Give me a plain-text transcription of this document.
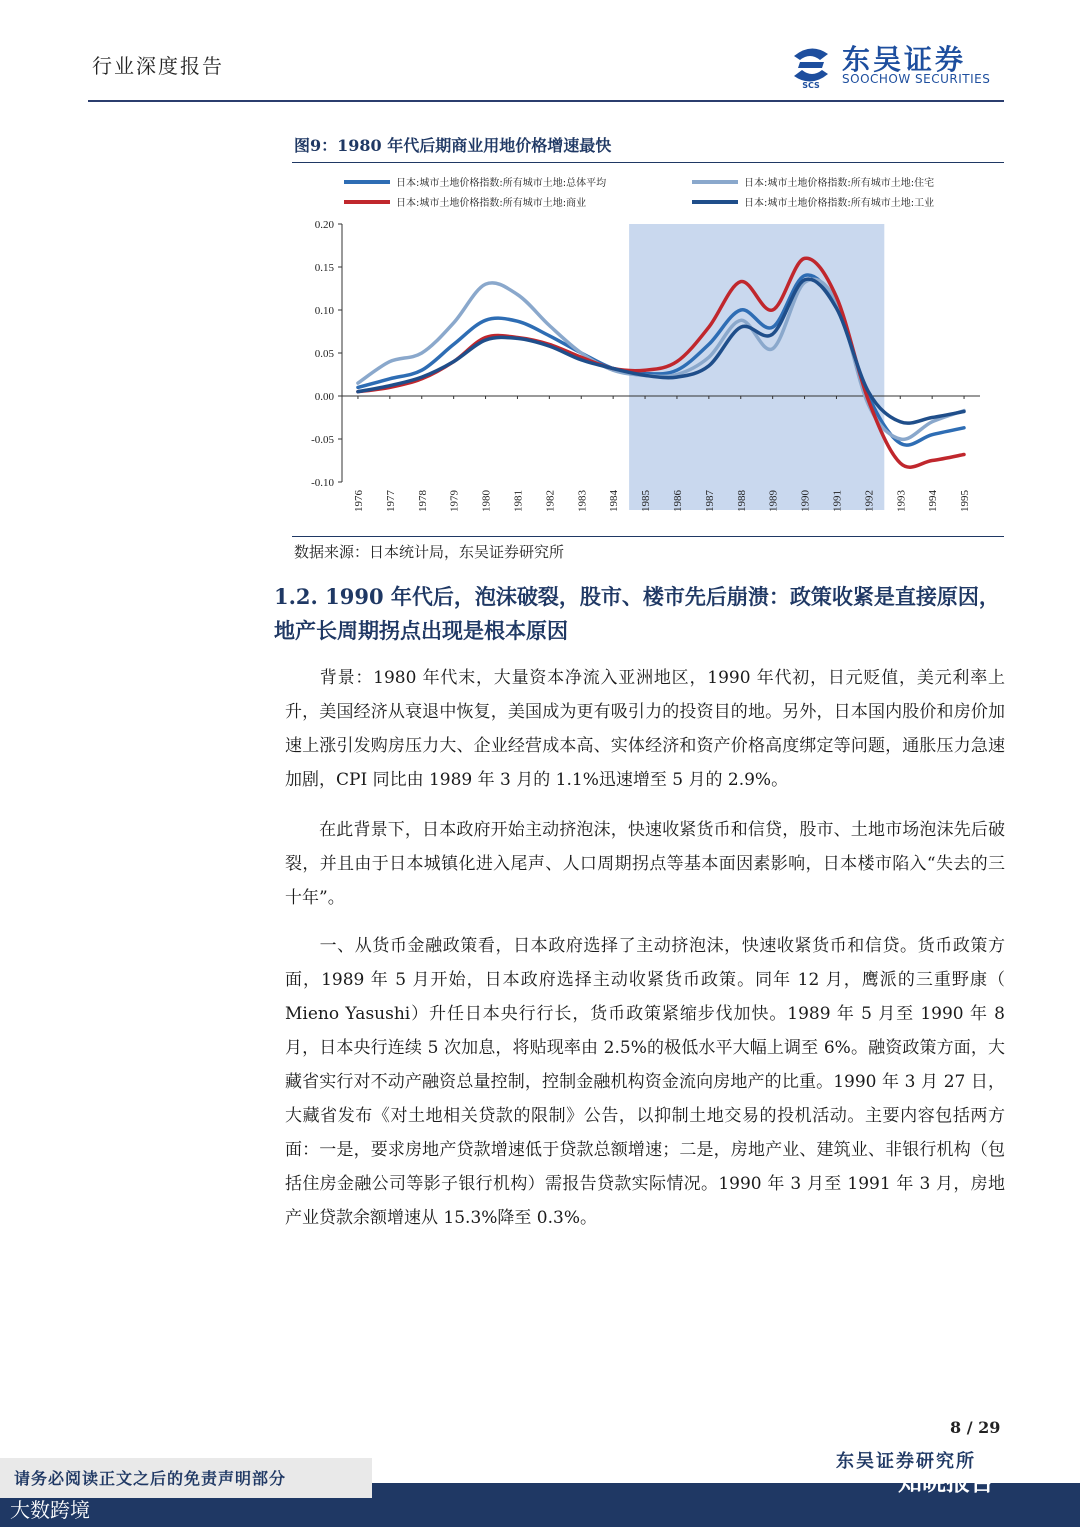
行业深度报告
SCS
东吴证券
SOOCHOW SECURITIES
图9：1980 年代后期商业用地价格增速最快
0.20
0.15
0.10
0.05
0.00
-0.05
-0.10
1976 1977 1978 1979 1980 1981 1982 1983 1984 1985 1986 1987 1988 1989 1990 1991 1992 1993 1994 1995
日本:城市土地价格指数:所有城市土地:总体平均	日本:城市土地价格指数:所有城市土地:住宅
日本:城市土地价格指数:所有城市土地:商业	日本:城市土地价格指数:所有城市土地:工业
数据来源：日本统计局，东吴证券研究所
1.2. 1990 年代后，泡沫破裂，股市、楼市先后崩溃：政策收紧是直接原因，地产长周期拐点出现是根本原因
背景：1980 年代末，大量资本净流入亚洲地区，1990 年代初，日元贬值，美元利率上升，美国经济从衰退中恢复，美国成为更有吸引力的投资目的地。另外，日本国内股价和房价加速上涨引发购房压力大、企业经营成本高、实体经济和资产价格高度绑定等问题，通胀压力急速加剧，CPI 同比由 1989 年 3 月的 1.1%迅速增至 5 月的 2.9%。
在此背景下，日本政府开始主动挤泡沫，快速收紧货币和信贷，股市、土地市场泡沫先后破裂，并且由于日本城镇化进入尾声、人口周期拐点等基本面因素影响，日本楼市陷入“失去的三十年”。
一、从货币金融政策看，日本政府选择了主动挤泡沫，快速收紧货币和信贷。货币政策方面，1989 年 5 月开始，日本政府选择主动收紧货币政策。同年 12 月，鹰派的三重野康（ Mieno Yasushi）升任日本央行行长，货币政策紧缩步伐加快。1989 年 5 月至 1990 年 8 月，日本央行连续 5 次加息，将贴现率由 2.5%的极低水平大幅上调至 6%。融资政策方面，大藏省实行对不动产融资总量控制，控制金融机构资金流向房地产的比重。1990 年 3 月 27 日，大藏省发布《对土地相关贷款的限制》公告，以抑制土地交易的投机活动。主要内容包括两方面：一是，要求房地产贷款增速低于贷款总额增速；二是，房地产业、建筑业、非银行机构（包括住房金融公司等影子银行机构）需报告贷款实际情况。1990 年 3 月至 1991 年 3 月，房地产业贷款余额增速从 15.3%降至 0.3%。
8 / 29
东吴证券研究所
请务必阅读正文之后的免责声明部分	知晓报告
大数跨境
